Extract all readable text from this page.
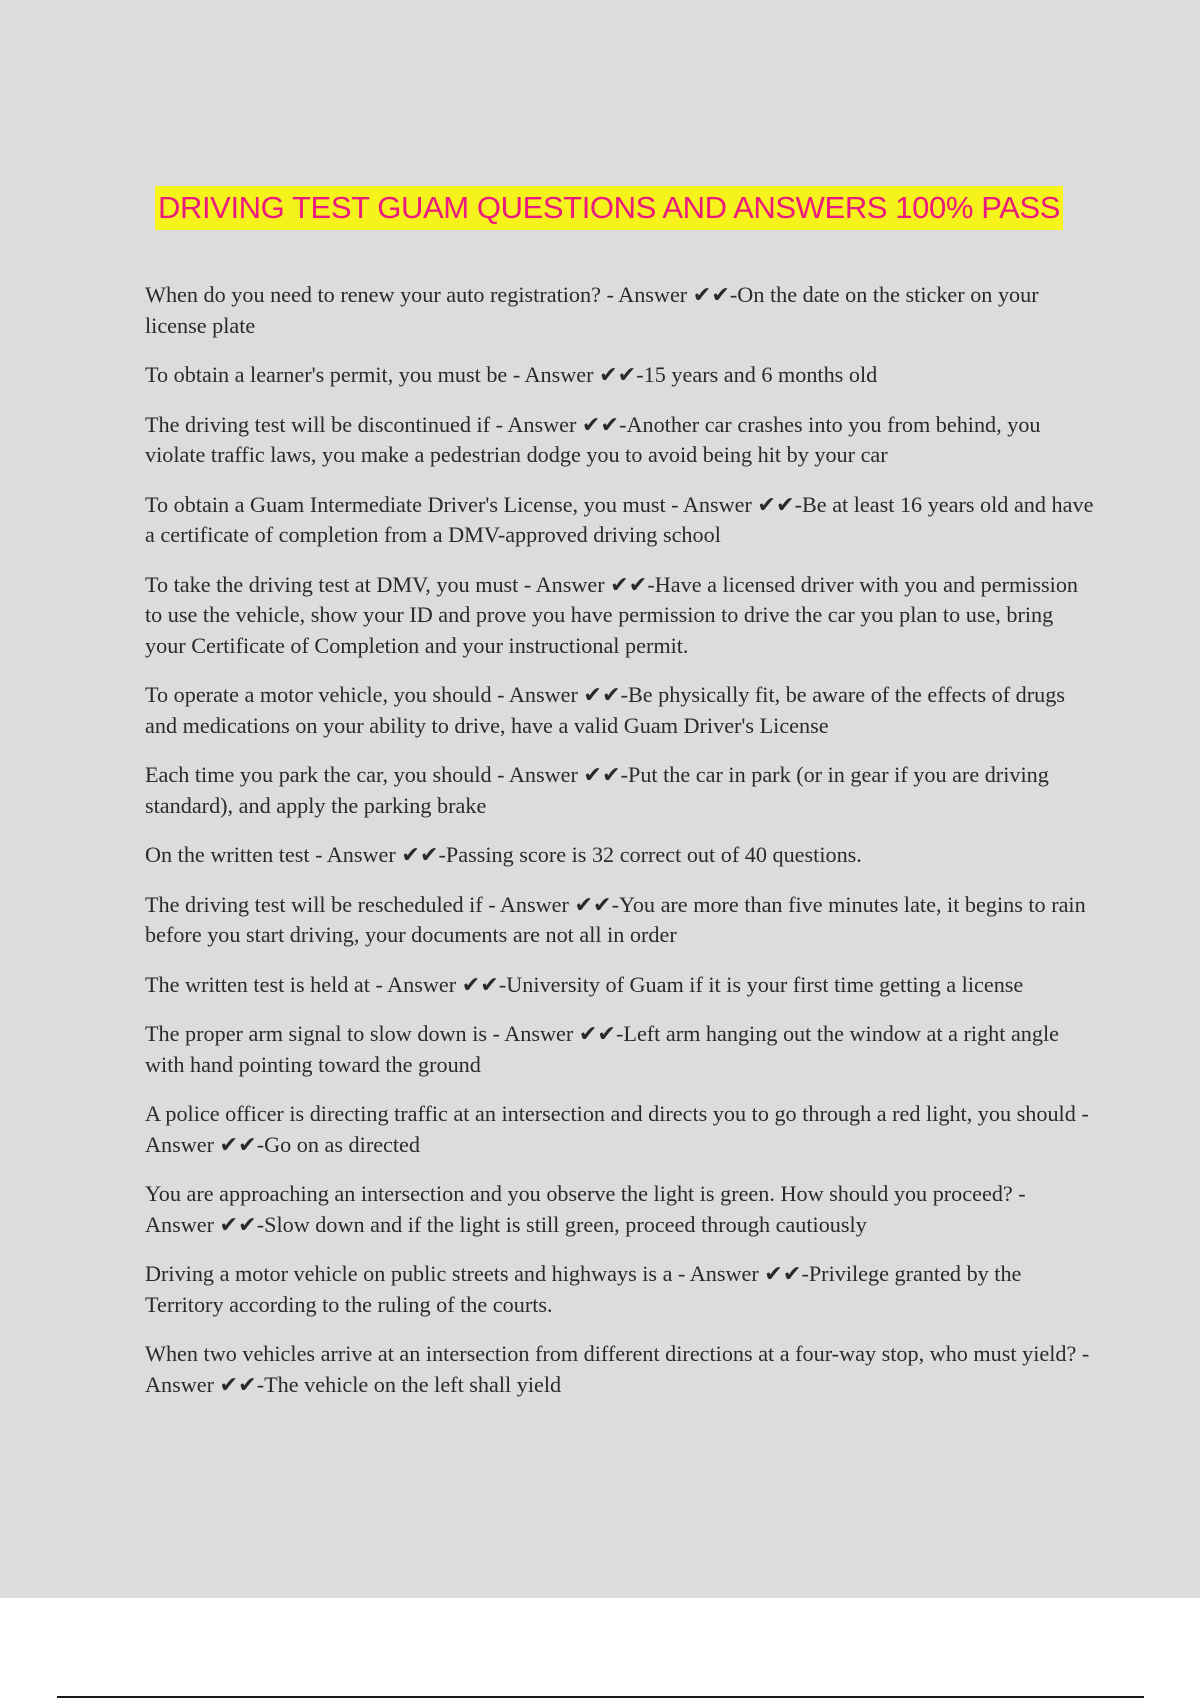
DRIVING TEST GUAM QUESTIONS AND ANSWERS 100% PASS

When do you need to renew your auto registration? - Answer ✔✔-On the date on the sticker on your license plate

To obtain a learner's permit, you must be - Answer ✔✔-15 years and 6 months old

The driving test will be discontinued if - Answer ✔✔-Another car crashes into you from behind, you violate traffic laws, you make a pedestrian dodge you to avoid being hit by your car

To obtain a Guam Intermediate Driver's License, you must - Answer ✔✔-Be at least 16 years old and have a certificate of completion from a DMV-approved driving school

To take the driving test at DMV, you must - Answer ✔✔-Have a licensed driver with you and permission to use the vehicle, show your ID and prove you have permission to drive the car you plan to use, bring your Certificate of Completion and your instructional permit.

To operate a motor vehicle, you should - Answer ✔✔-Be physically fit, be aware of the effects of drugs and medications on your ability to drive, have a valid Guam Driver's License

Each time you park the car, you should - Answer ✔✔-Put the car in park (or in gear if you are driving standard), and apply the parking brake

On the written test - Answer ✔✔-Passing score is 32 correct out of 40 questions.

The driving test will be rescheduled if - Answer ✔✔-You are more than five minutes late, it begins to rain before you start driving, your documents are not all in order

The written test is held at - Answer ✔✔-University of Guam if it is your first time getting a license

The proper arm signal to slow down is - Answer ✔✔-Left arm hanging out the window at a right angle with hand pointing toward the ground

A police officer is directing traffic at an intersection and directs you to go through a red light, you should - Answer ✔✔-Go on as directed

You are approaching an intersection and you observe the light is green. How should you proceed? - Answer ✔✔-Slow down and if the light is still green, proceed through cautiously

Driving a motor vehicle on public streets and highways is a - Answer ✔✔-Privilege granted by the Territory according to the ruling of the courts.

When two vehicles arrive at an intersection from different directions at a four-way stop, who must yield? - Answer ✔✔-The vehicle on the left shall yield
